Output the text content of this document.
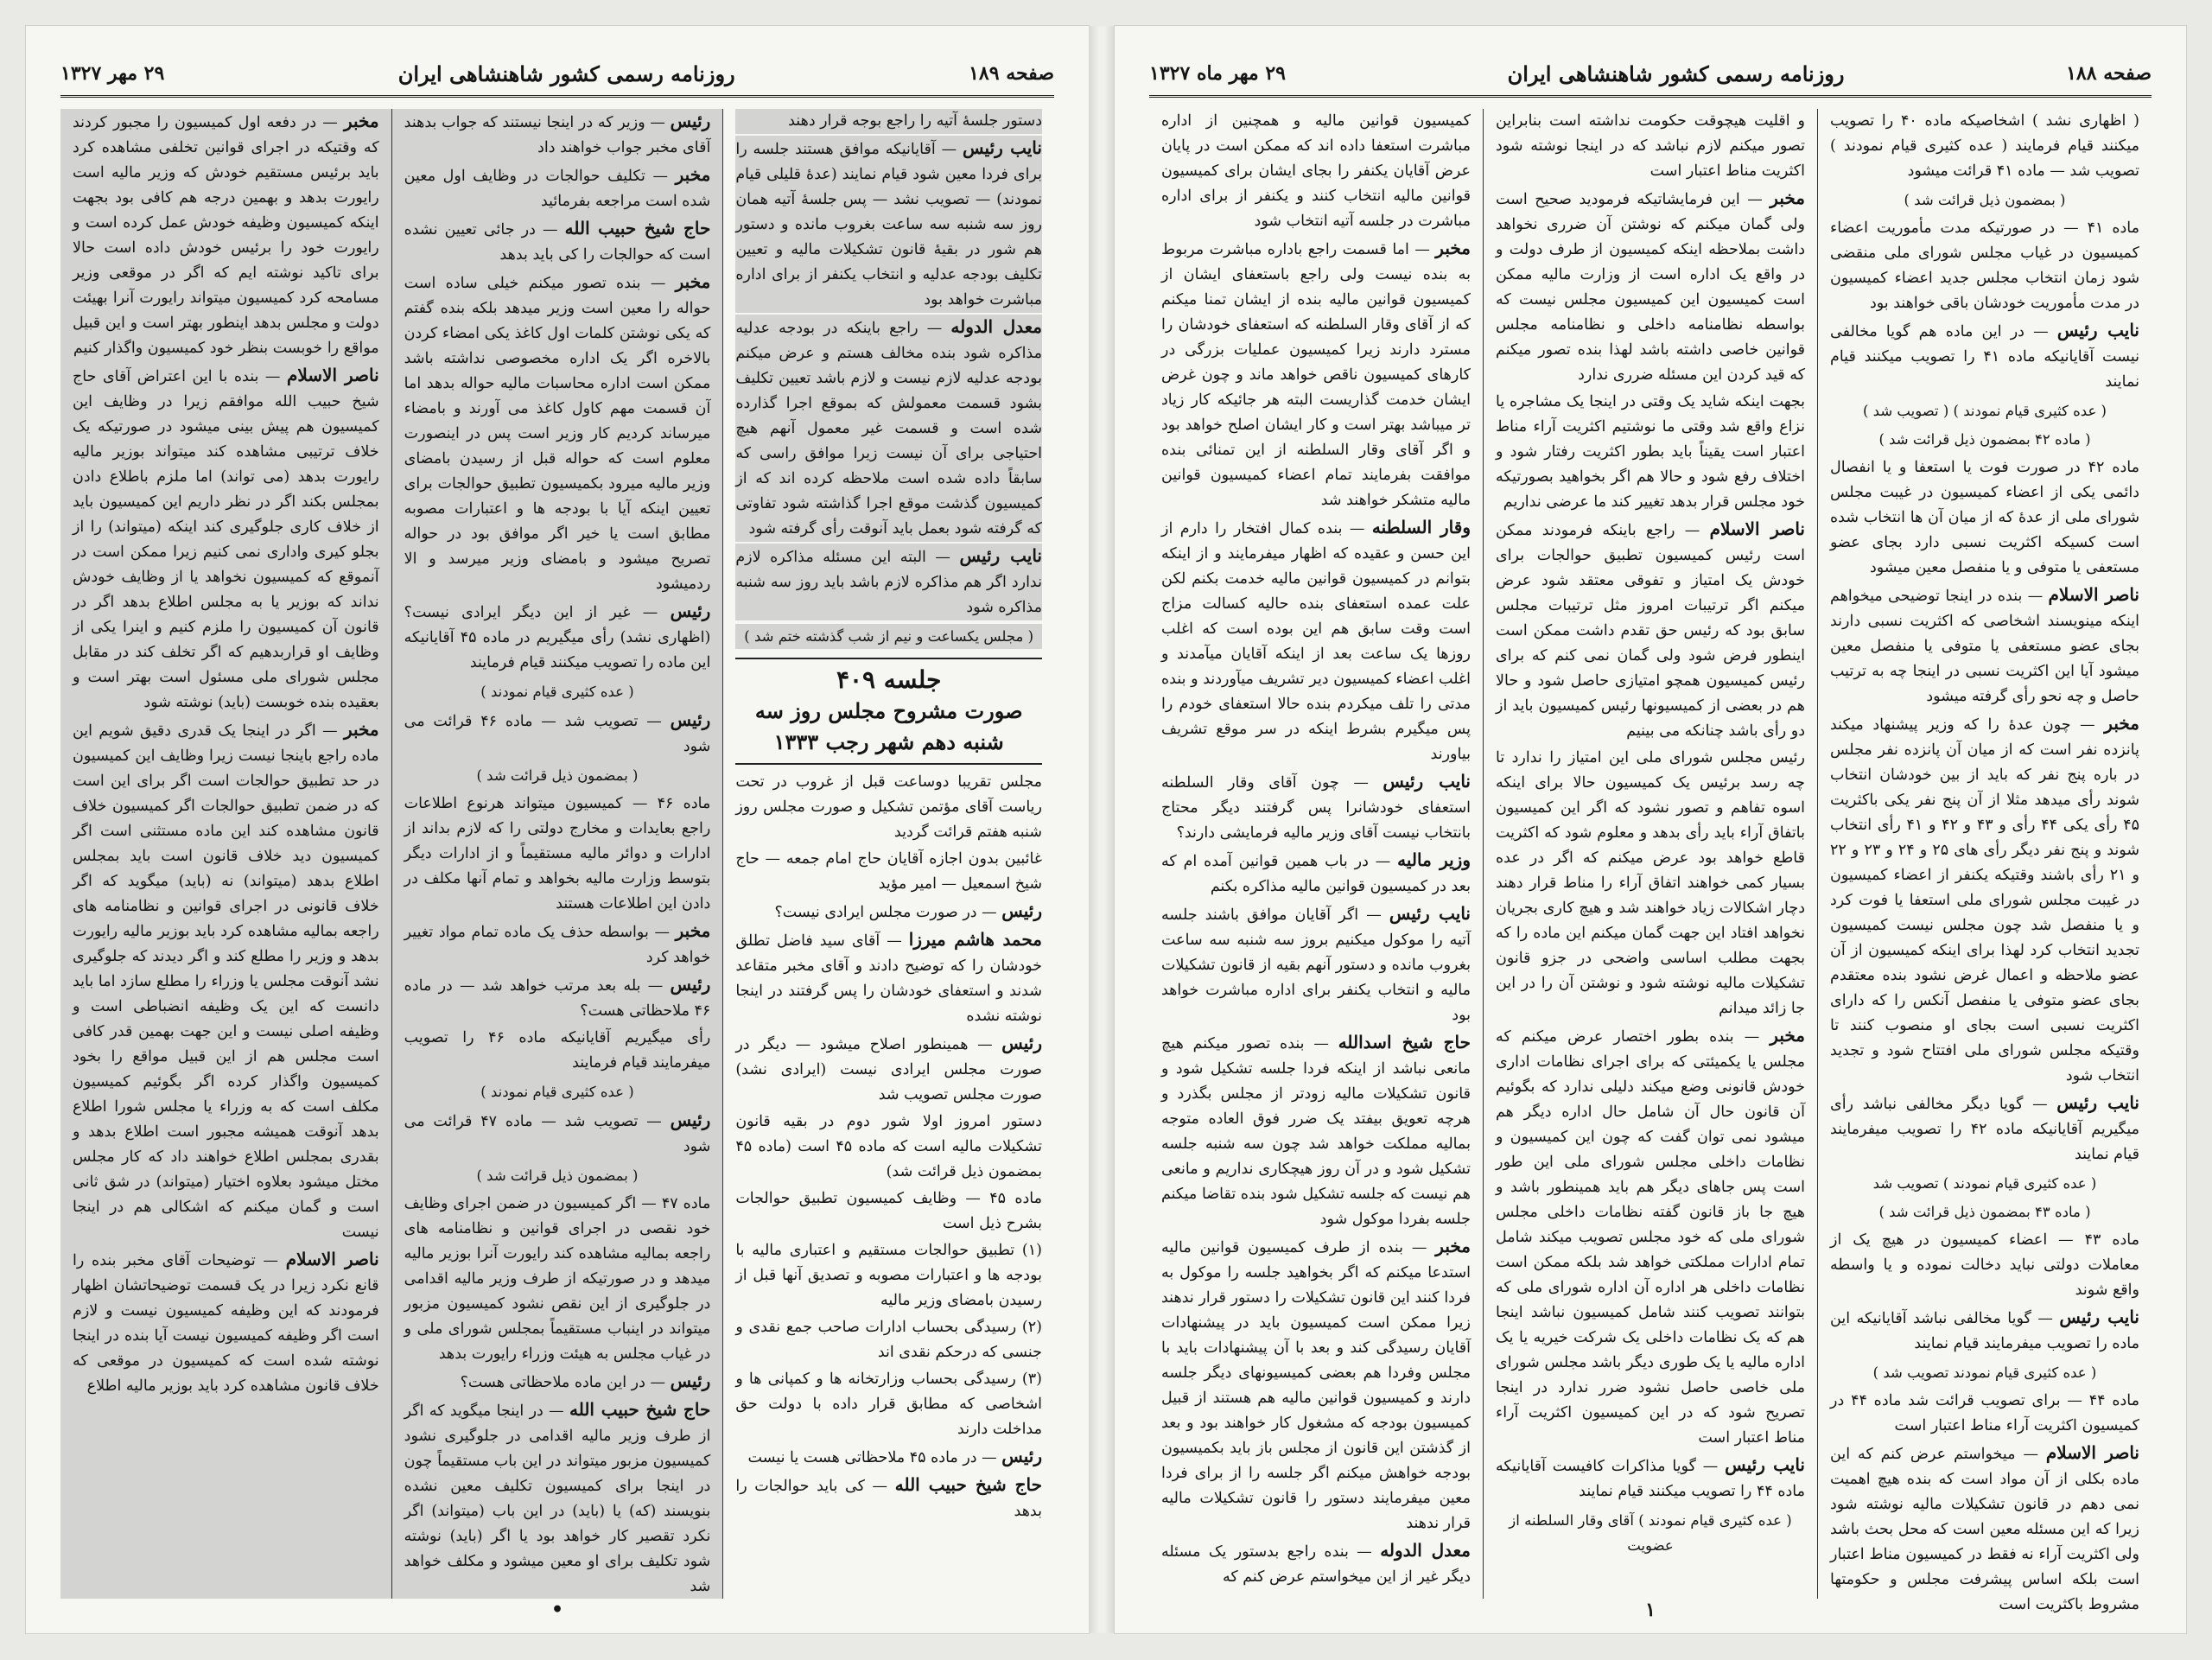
صفحه ۱۸۹
روزنامه رسمی کشور شاهنشاهی ایران
۲۹ مهر ۱۳۲۷

دستور جلسهٔ آتیه را راجع بوجه قرار دهند

نایب رئیس — آقایانیکه موافق هستند جلسه را برای فردا معین شود قیام نمایند (عدهٔ قلیلی قیام نمودند) — تصویب نشد — پس جلسهٔ آتیه همان روز سه شنبه سه ساعت بغروب مانده و دستور هم شور در بقیهٔ قانون تشکیلات مالیه و تعیین تکلیف بودجه عدلیه و انتخاب یکنفر از برای اداره مباشرت خواهد بود

معدل الدوله — راجع باینکه در بودجه عدلیه مذاکره شود بنده مخالف هستم و عرض میکنم بودجه عدلیه لازم نیست و لازم باشد تعیین تکلیف بشود قسمت معمولش که بموقع اجرا گذارده شده است و قسمت غیر معمول آنهم هیچ احتیاجی برای آن نیست زیرا موافق راسی که سابقاً داده شده است ملاحظه کرده اند که از کمیسیون گذشت موقع اجرا گذاشته شود تفاوتی که گرفته شود بعمل باید آنوقت رأی گرفته شود

نایب رئیس — البته این مسئله مذاکره لازم ندارد اگر هم مذاکره لازم باشد باید روز سه شنبه مذاکره شود

( مجلس یکساعت و نیم از شب گذشته ختم شد )

جلسه ۴۰۹
صورت مشروح مجلس روز سه شنبه دهم شهر رجب ۱۳۳۳

مجلس تقریبا دوساعت قبل از غروب در تحت ریاست آقای مؤتمن تشکیل و صورت مجلس روز شنبه هفتم قرائت گردید

غائبین بدون اجازه آقایان حاج امام جمعه — حاج شیخ اسمعیل — امیر مؤید

رئیس — در صورت مجلس ایرادی نیست؟

محمد هاشم میرزا — آقای سید فاضل تطلق خودشان را که توضیح دادند و آقای مخبر متقاعد شدند و استعفای خودشان را پس گرفتند در اینجا نوشته نشده

رئیس — همینطور اصلاح میشود — دیگر در صورت مجلس ایرادی نیست (ایرادی نشد) صورت مجلس تصویب شد

دستور امروز اولا شور دوم در بقیه قانون تشکیلات مالیه است که ماده ۴۵ است (ماده ۴۵ بمضمون ذیل قرائت شد)

ماده ۴۵ — وظایف کمیسیون تطبیق حوالجات بشرح ذیل است

(۱) تطبیق حوالجات مستقیم و اعتباری مالیه با بودجه ها و اعتبارات مصوبه و تصدیق آنها قبل از رسیدن بامضای وزیر مالیه

(۲) رسیدگی بحساب ادارات صاحب جمع نقدی و جنسی که درحکم نقدی اند

(۳) رسیدگی بحساب وزارتخانه ها و کمپانی ها و اشخاصی که مطابق قرار داده با دولت حق مداخلت دارند

رئیس — در ماده ۴۵ ملاحظاتی هست یا نیست

حاج شیخ حبیب الله — کی باید حوالجات را بدهد

رئیس — وزیر که در اینجا نیستند که جواب بدهند آقای مخبر جواب خواهند داد

مخبر — تکلیف حوالجات در وظایف اول معین شده است مراجعه بفرمائید

حاج شیخ حبیب الله — در جائی تعیین نشده است که حوالجات را کی باید بدهد

مخبر — بنده تصور میکنم خیلی ساده است حواله را معین است وزیر میدهد بلکه بنده گفتم که یکی نوشتن کلمات اول کاغذ یکی امضاء کردن بالاخره اگر یک اداره مخصوصی نداشته باشد ممکن است اداره محاسبات مالیه حواله بدهد اما آن قسمت مهم کاول کاغذ می آورند و بامضاء میرساند کردیم کار وزیر است پس در اینصورت معلوم است که حواله قبل از رسیدن بامضای وزیر مالیه میرود بکمیسیون تطبیق حوالجات برای تعیین اینکه آیا با بودجه ها و اعتبارات مصوبه مطابق است یا خیر اگر موافق بود در حواله تصریح میشود و بامضای وزیر میرسد و الا ردمیشود

رئیس — غیر از این دیگر ایرادی نیست؟ (اظهاری نشد) رأی میگیریم در ماده ۴۵ آقایانیکه این ماده را تصویب میکنند قیام فرمایند

( عده کثیری قیام نمودند )

رئیس — تصویب شد — ماده ۴۶ قرائت می شود

( بمضمون ذیل قرائت شد )

ماده ۴۶ — کمیسیون میتواند هرنوع اطلاعات راجع بعایدات و مخارج دولتی را که لازم بداند از ادارات و دوائر مالیه مستقیماً و از ادارات دیگر بتوسط وزارت مالیه بخواهد و تمام آنها مکلف در دادن این اطلاعات هستند

مخبر — بواسطه حذف یک ماده تمام مواد تغییر خواهد کرد

رئیس — بله بعد مرتب خواهد شد — در ماده ۴۶ ملاحظاتی هست؟

رأی میگیریم آقایانیکه ماده ۴۶ را تصویب میفرمایند قیام فرمایند

( عده کثیری قیام نمودند )

رئیس — تصویب شد — ماده ۴۷ قرائت می شود

( بمضمون ذیل قرائت شد )

ماده ۴۷ — اگر کمیسیون در ضمن اجرای وظایف خود نقصی در اجرای قوانین و نظامنامه های راجعه بمالیه مشاهده کند رایورت آنرا بوزیر مالیه میدهد و در صورتیکه از طرف وزیر مالیه اقدامی در جلوگیری از این نقص نشود کمیسیون مزبور میتواند در اینباب مستقیماً بمجلس شورای ملی و در غیاب مجلس به هیئت وزراء رایورت بدهد

رئیس — در این ماده ملاحظاتی هست؟

حاج شیخ حبیب الله — در اینجا میگوید که اگر از طرف وزیر مالیه اقدامی در جلوگیری نشود کمیسیون مزبور میتواند در این باب مستقیماً چون در اینجا برای کمیسیون تکلیف معین نشده بنویسند (که) یا (باید) در این باب (میتواند) اگر نکرد تقصیر کار خواهد بود یا اگر (باید) نوشته شود تکلیف برای او معین میشود و مکلف خواهد شد

مخبر — در دفعه اول کمیسیون را مجبور کردند که وقتیکه در اجرای قوانین تخلفی مشاهده کرد باید برئیس مستقیم خودش که وزیر مالیه است رایورت بدهد و بهمین درجه هم کافی بود بجهت اینکه کمیسیون وظیفه خودش عمل کرده است و رایورت خود را برئیس خودش داده است حالا برای تاکید نوشته ایم که اگر در موقعی وزیر مسامحه کرد کمیسیون میتواند رایورت آنرا بهیئت دولت و مجلس بدهد اینطور بهتر است و این قبیل مواقع را خوبست بنظر خود کمیسیون واگذار کنیم

ناصر الاسلام — بنده با این اعتراض آقای حاج شیخ حبیب الله موافقم زیرا در وظایف این کمیسیون هم پیش بینی میشود در صورتیکه یک خلاف ترتیبی مشاهده کند میتواند بوزیر مالیه رایورت بدهد (می تواند) اما ملزم باطلاع دادن بمجلس بکند اگر در نظر داریم این کمیسیون باید از خلاف کاری جلوگیری کند اینکه (میتواند) را از بجلو کیری واداری نمی کنیم زیرا ممکن است در آنموقع که کمیسیون نخواهد یا از وظایف خودش نداند که بوزیر یا به مجلس اطلاع بدهد اگر در قانون آن کمیسیون را ملزم کنیم و اینرا یکی از وظایف او قراربدهیم که اگر تخلف کند در مقابل مجلس شورای ملی مسئول است بهتر است و بعقیده بنده خوبست (باید) نوشته شود

مخبر — اگر در اینجا یک قدری دقیق شویم این ماده راجع باینجا نیست زیرا وظایف این کمیسیون در حد تطبیق حوالجات است اگر برای این است که در ضمن تطبیق حوالجات اگر کمیسیون خلاف قانون مشاهده کند این ماده مستثنی است اگر کمیسیون دید خلاف قانون است باید بمجلس اطلاع بدهد (میتواند) نه (باید) میگوید که اگر خلاف قانونی در اجرای قوانین و نظامنامه های راجعه بمالیه مشاهده کرد باید بوزیر مالیه رایورت بدهد و وزیر را مطلع کند و اگر دیدند که جلوگیری نشد آنوقت مجلس یا وزراء را مطلع سازد اما باید دانست که این یک وظیفه انضباطی است و وظیفه اصلی نیست و این جهت بهمین قدر کافی است مجلس هم از این قبیل مواقع را بخود کمیسیون واگذار کرده اگر بگوئیم کمیسیون مکلف است که به وزراء یا مجلس شورا اطلاع بدهد آنوقت همیشه مجبور است اطلاع بدهد و بقدری بمجلس اطلاع خواهند داد که کار مجلس مختل میشود بعلاوه اختیار (میتواند) در شق ثانی است و گمان میکنم که اشکالی هم در اینجا نیست

ناصر الاسلام — توضیحات آقای مخبر بنده را قانع نکرد زیرا در یک قسمت توضیحاتشان اظهار فرمودند که این وظیفه کمیسیون نیست و لازم است اگر وظیفه کمیسیون نیست آیا بنده در اینجا نوشته شده است که کمیسیون در موقعی که خلاف قانون مشاهده کرد باید بوزیر مالیه اطلاع

•
صفحه ۱۸۸
روزنامه رسمی کشور شاهنشاهی ایران
۲۹ مهر ماه ۱۳۲۷

( اظهاری نشد ) اشخاصیکه ماده ۴۰ را تصویب میکنند قیام فرمایند ( عده کثیری قیام نمودند ) تصویب شد — ماده ۴۱ قرائت میشود

( بمضمون ذیل قرائت شد )

ماده ۴۱ — در صورتیکه مدت مأموریت اعضاء کمیسیون در غیاب مجلس شورای ملی منقضی شود زمان انتخاب مجلس جدید اعضاء کمیسیون در مدت مأموریت خودشان باقی خواهند بود

نایب رئیس — در این ماده هم گویا مخالفی نیست آقایانیکه ماده ۴۱ را تصویب میکنند قیام نمایند

( عده کثیری قیام نمودند ) ( تصویب شد )

( ماده ۴۲ بمضمون ذیل قرائت شد )

ماده ۴۲ در صورت فوت یا استعفا و یا انفصال دائمی یکی از اعضاء کمیسیون در غیبت مجلس شورای ملی از عدهٔ که از میان آن ها انتخاب شده است کسیکه اکثریت نسبی دارد بجای عضو مستعفی یا متوفی و یا منفصل معین میشود

ناصر الاسلام — بنده در اینجا توضیحی میخواهم اینکه مینویسند اشخاصی که اکثریت نسبی دارند بجای عضو مستعفی یا متوفی یا منفصل معین میشود آیا این اکثریت نسبی در اینجا چه به ترتیب حاصل و چه نحو رأی گرفته میشود

مخبر — چون عدهٔ را که وزیر پیشنهاد میکند پانزده نفر است که از میان آن پانزده نفر مجلس در باره پنج نفر که باید از بین خودشان انتخاب شوند رأی میدهد مثلا از آن پنج نفر یکی باکثریت ۴۵ رأی یکی ۴۴ رأی و ۴۳ و ۴۲ و ۴۱ رأی انتخاب شوند و پنج نفر دیگر رأی های ۲۵ و ۲۴ و ۲۳ و ۲۲ و ۲۱ رأی باشند وقتیکه یکنفر از اعضاء کمیسیون در غیبت مجلس شورای ملی استعفا یا فوت کرد و یا منفصل شد چون مجلس نیست کمیسیون تجدید انتخاب کرد لهذا برای اینکه کمیسیون از آن عضو ملاحظه و اعمال غرض نشود بنده معتقدم بجای عضو متوفی یا منفصل آنکس را که دارای اکثریت نسبی است بجای او منصوب کنند تا وقتیکه مجلس شورای ملی افتتاح شود و تجدید انتخاب شود

نایب رئیس — گویا دیگر مخالفی نباشد رأی میگیریم آقایانیکه ماده ۴۲ را تصویب میفرمایند قیام نمایند

( عده کثیری قیام نمودند ) تصویب شد

( ماده ۴۳ بمضمون ذیل قرائت شد )

ماده ۴۳ — اعضاء کمیسیون در هیچ یک از معاملات دولتی نباید دخالت نموده و یا واسطه واقع شوند

نایب رئیس — گویا مخالفی نباشد آقایانیکه این ماده را تصویب میفرمایند قیام نمایند

( عده کثیری قیام نمودند تصویب شد )

ماده ۴۴ — برای تصویب قرائت شد ماده ۴۴ در کمیسیون اکثریت آراء مناط اعتبار است

ناصر الاسلام — میخواستم عرض کنم که این ماده بکلی از آن مواد است که بنده هیچ اهمیت نمی دهم در قانون تشکیلات مالیه نوشته شود زیرا که این مسئله معین است که محل بحث باشد ولی اکثریت آراء نه فقط در کمیسیون مناط اعتبار است بلکه اساس پیشرفت مجلس و حکومتها مشروط باکثریت است

و اقلیت هیچوقت حکومت نداشته است بنابراین تصور میکنم لازم نباشد که در اینجا نوشته شود اکثریت مناط اعتبار است

مخبر — این فرمایشاتیکه فرمودید صحیح است ولی گمان میکنم که نوشتن آن ضرری نخواهد داشت بملاحظه اینکه کمیسیون از طرف دولت و در واقع یک اداره است از وزارت مالیه ممکن است کمیسیون این کمیسیون مجلس نیست که بواسطه نظامنامه داخلی و نظامنامه مجلس قوانین خاصی داشته باشد لهذا بنده تصور میکنم که قید کردن این مسئله ضرری ندارد

بجهت اینکه شاید یک وقتی در اینجا یک مشاجره یا نزاع واقع شد وقتی ما نوشتیم اکثریت آراء مناط اعتبار است یقیناً باید بطور اکثریت رفتار شود و اختلاف رفع شود و حالا هم اگر بخواهید بصورتیکه خود مجلس قرار بدهد تغییر کند ما عرضی نداریم

ناصر الاسلام — راجع باینکه فرمودند ممکن است رئیس کمیسیون تطبیق حوالجات برای خودش یک امتیاز و تفوقی معتقد شود عرض میکنم اگر ترتیبات امروز مثل ترتیبات مجلس سابق بود که رئیس حق تقدم داشت ممکن است اینطور فرض شود ولی گمان نمی کنم که برای رئیس کمیسیون همچو امتیازی حاصل شود و حالا هم در بعضی از کمیسیونها رئیس کمیسیون باید از دو رأی باشد چنانکه می بینیم

رئیس مجلس شورای ملی این امتیاز را ندارد تا چه رسد برئیس یک کمیسیون حالا برای اینکه اسوه تفاهم و تصور نشود که اگر این کمیسیون باتفاق آراء باید رأی بدهد و معلوم شود که اکثریت قاطع خواهد بود عرض میکنم که اگر در عده بسیار کمی خواهند اتفاق آراء را مناط قرار دهند دچار اشکالات زیاد خواهند شد و هیچ کاری بجریان نخواهد افتاد این جهت گمان میکنم این ماده را که بجهت مطلب اساسی واضحی در جزو قانون تشکیلات مالیه نوشته شود و نوشتن آن را در این جا زائد میدانم

مخبر — بنده بطور اختصار عرض میکنم که مجلس یا یکمیئتی که برای اجرای نظامات اداری خودش قانونی وضع میکند دلیلی ندارد که بگوئیم آن قانون حال آن شامل حال اداره دیگر هم میشود نمی توان گفت که چون این کمیسیون و نظامات داخلی مجلس شورای ملی این طور است پس جاهای دیگر هم باید همینطور باشد و هیچ جا باز قانون گفته نظامات داخلی مجلس شورای ملی که خود مجلس تصویب میکند شامل تمام ادارات مملکتی خواهد شد بلکه ممکن است نظامات داخلی هر اداره آن اداره شورای ملی که بتوانند تصویب کنند شامل کمیسیون نباشد اینجا هم که یک نظامات داخلی یک شرکت خیریه یا یک اداره مالیه یا یک طوری دیگر باشد مجلس شورای ملی خاصی حاصل نشود ضرر ندارد در اینجا تصریح شود که در این کمیسیون اکثریت آراء مناط اعتبار است

نایب رئیس — گویا مذاکرات کافیست آقایانیکه ماده ۴۴ را تصویب میکنند قیام نمایند

( عده کثیری قیام نمودند ) آقای وقار السلطنه از عضویت

کمیسیون قوانین مالیه و همچنین از اداره مباشرت استعفا داده اند که ممکن است در پایان عرض آقایان یکنفر را بجای ایشان برای کمیسیون قوانین مالیه انتخاب کنند و یکنفر از برای اداره مباشرت در جلسه آتیه انتخاب شود

مخبر — اما قسمت راجع باداره مباشرت مربوط به بنده نیست ولی راجع باستعفای ایشان از کمیسیون قوانین مالیه بنده از ایشان تمنا میکنم که از آقای وقار السلطنه که استعفای خودشان را مسترد دارند زیرا کمیسیون عملیات بزرگی در کارهای کمیسیون ناقص خواهد ماند و چون غرض ایشان خدمت گذاریست البته هر جائیکه کار زیاد تر میباشد بهتر است و کار ایشان اصلح خواهد بود و اگر آقای وقار السلطنه از این تمنائی بنده موافقت بفرمایند تمام اعضاء کمیسیون قوانین مالیه متشکر خواهند شد

وقار السلطنه — بنده کمال افتخار را دارم از این حسن و عقیده که اظهار میفرمایند و از اینکه بتوانم در کمیسیون قوانین مالیه خدمت بکنم لکن علت عمده استعفای بنده حالیه کسالت مزاج است وقت سابق هم این بوده است که اغلب روزها یک ساعت بعد از اینکه آقایان میآمدند و اغلب اعضاء کمیسیون دیر تشریف میآوردند و بنده مدتی را تلف میکردم بنده حالا استعفای خودم را پس میگیرم بشرط اینکه در سر موقع تشریف بیاورند

نایب رئیس — چون آقای وقار السلطنه استعفای خودشانرا پس گرفتند دیگر محتاج بانتخاب نیست آقای وزیر مالیه فرمایشی دارند؟

وزیر مالیه — در باب همین قوانین آمده ام که بعد در کمیسیون قوانین مالیه مذاکره بکنم

نایب رئیس — اگر آقایان موافق باشند جلسه آتیه را موکول میکنیم بروز سه شنبه سه ساعت بغروب مانده و دستور آنهم بقیه از قانون تشکیلات مالیه و انتخاب یکنفر برای اداره مباشرت خواهد بود

حاج شیخ اسدالله — بنده تصور میکنم هیچ مانعی نباشد از اینکه فردا جلسه تشکیل شود و قانون تشکیلات مالیه زودتر از مجلس بگذرد و هرچه تعویق بیفتد یک ضرر فوق العاده متوجه بمالیه مملکت خواهد شد چون سه شنبه جلسه تشکیل شود و در آن روز هیچکاری نداریم و مانعی هم نیست که جلسه تشکیل شود بنده تقاضا میکنم جلسه بفردا موکول شود

مخبر — بنده از طرف کمیسیون قوانین مالیه استدعا میکنم که اگر بخواهید جلسه را موکول به فردا کنند این قانون تشکیلات را دستور قرار ندهند زیرا ممکن است کمیسیون باید در پیشنهادات آقایان رسیدگی کند و بعد با آن پیشنهادات باید با مجلس وفردا هم بعضی کمیسیونهای دیگر جلسه دارند و کمیسیون قوانین مالیه هم هستند از قبیل کمیسیون بودجه که مشغول کار خواهند بود و بعد از گذشتن این قانون از مجلس باز باید بکمیسیون بودجه خواهش میکنم اگر جلسه را از برای فردا معین میفرمایند دستور را قانون تشکیلات مالیه قرار ندهند

معدل الدوله — بنده راجع بدستور یک مسئله دیگر غیر از این میخواستم عرض کنم که

۱
